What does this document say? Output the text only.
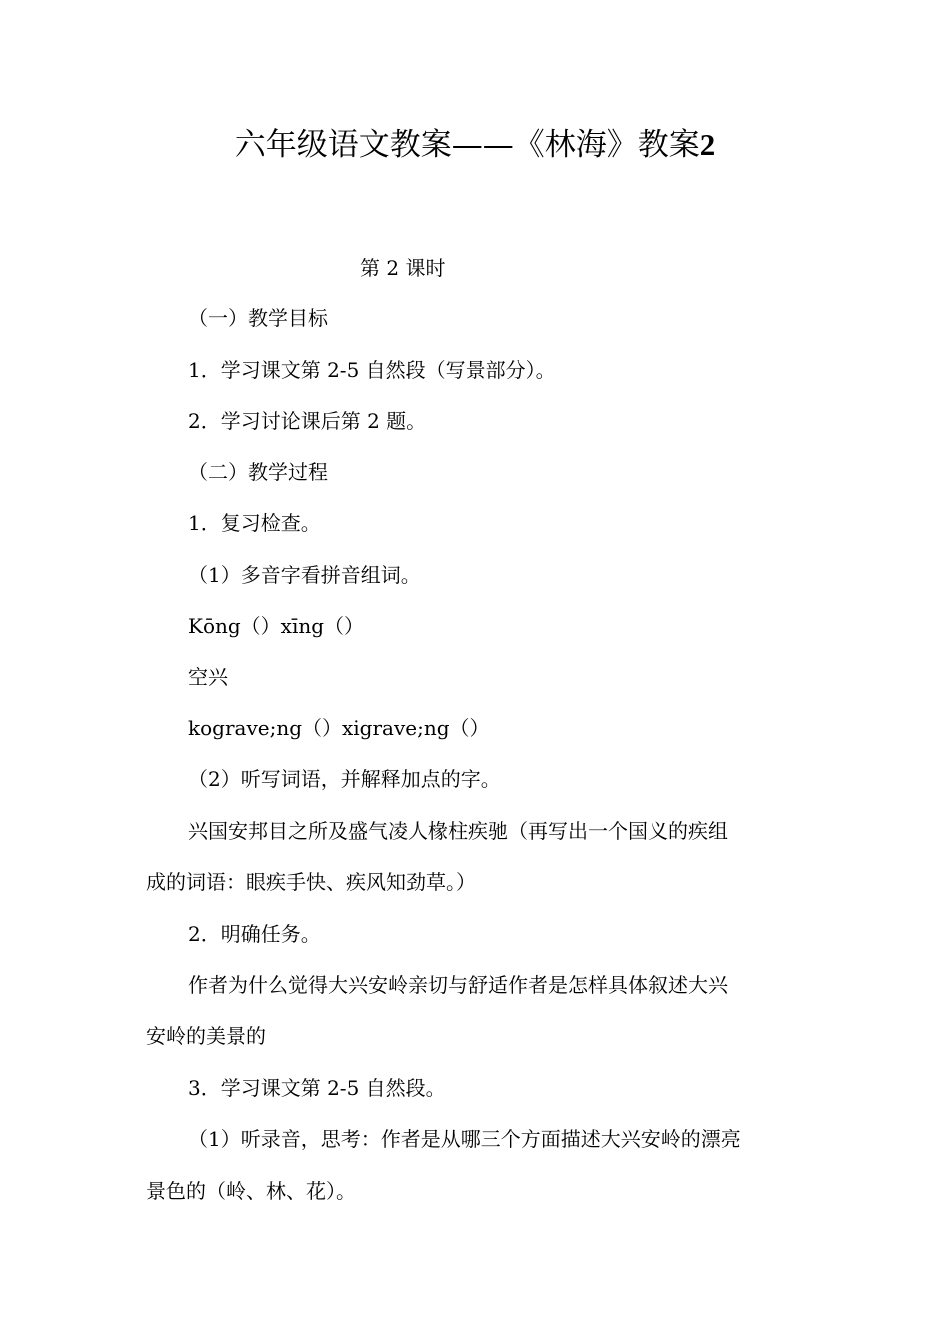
六年级语文教案——《林海》教案2
第 2 课时
（一）教学目标
1．学习课文第 2-5 自然段（写景部分）。
2．学习讨论课后第 2 题。
（二）教学过程
1．复习检查。
（1）多音字看拼音组词。
Kōng（）xīng（）
空兴
kograve;ng（）xigrave;ng（）
（2）听写词语，并解释加点的字。
兴国安邦目之所及盛气凌人椽柱疾驰（再写出一个国义的疾组
成的词语：眼疾手快、疾风知劲草。）
2．明确任务。
作者为什么觉得大兴安岭亲切与舒适作者是怎样具体叙述大兴
安岭的美景的
3．学习课文第 2-5 自然段。
（1）听录音，思考：作者是从哪三个方面描述大兴安岭的漂亮
景色的（岭、林、花）。
